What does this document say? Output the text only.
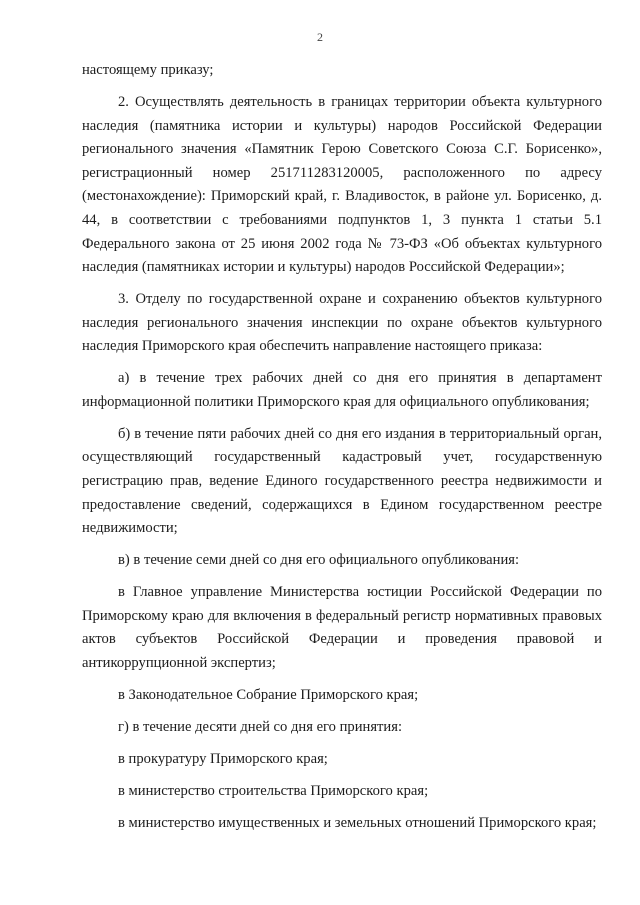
2

настоящему приказу;

2. Осуществлять деятельность в границах территории объекта культурного наследия (памятника истории и культуры) народов Российской Федерации регионального значения «Памятник Герою Советского Союза С.Г. Борисенко», регистрационный номер 251711283120005, расположенного по адресу (местонахождение): Приморский край, г. Владивосток, в районе ул. Борисенко, д. 44, в соответствии с требованиями подпунктов 1, 3 пункта 1 статьи 5.1 Федерального закона от 25 июня 2002 года № 73-ФЗ «Об объектах культурного наследия (памятниках истории и культуры) народов Российской Федерации»;

3. Отделу по государственной охране и сохранению объектов культурного наследия регионального значения инспекции по охране объектов культурного наследия Приморского края обеспечить направление настоящего приказа:

а) в течение трех рабочих дней со дня его принятия в департамент информационной политики Приморского края для официального опубликования;

б) в течение пяти рабочих дней со дня его издания в территориальный орган, осуществляющий государственный кадастровый учет, государственную регистрацию прав, ведение Единого государственного реестра недвижимости и предоставление сведений, содержащихся в Едином государственном реестре недвижимости;

в) в течение семи дней со дня его официального опубликования:

в Главное управление Министерства юстиции Российской Федерации по Приморскому краю для включения в федеральный регистр нормативных правовых актов субъектов Российской Федерации и проведения правовой и антикоррупционной экспертиз;

в Законодательное Собрание Приморского края;

г) в течение десяти дней со дня его принятия:

в прокуратуру Приморского края;

в министерство строительства Приморского края;

в министерство имущественных и земельных отношений Приморского края;
